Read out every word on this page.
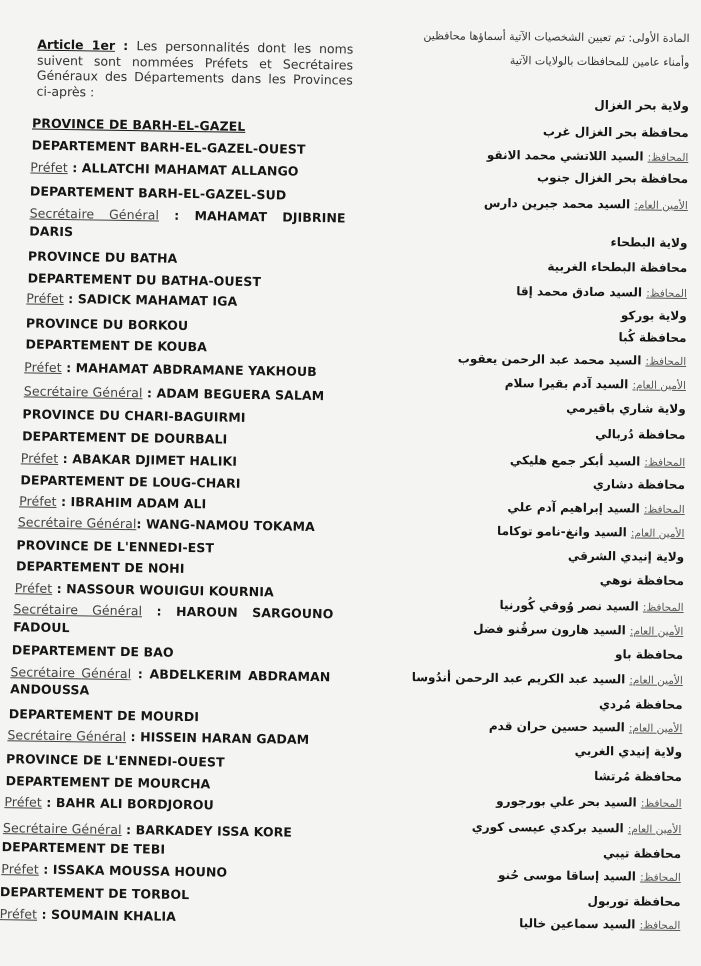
Article 1er : Les personnalités dont les noms suivent sont nommées Préfets et Secrétaires Généraux des Départements dans les Provinces ci-après :
PROVINCE DE BARH-EL-GAZEL
DEPARTEMENT BARH-EL-GAZEL-OUEST
Préfet : ALLATCHI MAHAMAT ALLANGO
DEPARTEMENT BARH-EL-GAZEL-SUD
Secrétaire Général : MAHAMAT DJIBRINE
DARIS
PROVINCE DU BATHA
DEPARTEMENT DU BATHA-OUEST
Préfet : SADICK MAHAMAT IGA
PROVINCE DU BORKOU
DEPARTEMENT DE KOUBA
Préfet : MAHAMAT ABDRAMANE YAKHOUB
Secrétaire Général : ADAM BEGUERA SALAM
PROVINCE DU CHARI-BAGUIRMI
DEPARTEMENT DE DOURBALI
Préfet : ABAKAR DJIMET HALIKI
DEPARTEMENT DE LOUG-CHARI
Préfet : IBRAHIM ADAM ALI
Secrétaire Général: WANG-NAMOU TOKAMA
PROVINCE DE L'ENNEDI-EST
DEPARTEMENT DE NOHI
Préfet : NASSOUR WOUIGUI KOURNIA
Secrétaire Général : HAROUN SARGOUNO
FADOUL
DEPARTEMENT DE BAO
Secrétaire Général : ABDELKERIM ABDRAMAN
ANDOUSSA
DEPARTEMENT DE MOURDI
Secrétaire Général : HISSEIN HARAN GADAM
PROVINCE DE L'ENNEDI-OUEST
DEPARTEMENT DE MOURCHA
Préfet : BAHR ALI BORDJOROU
Secrétaire Général : BARKADEY ISSA KORE
DEPARTEMENT DE TEBI
Préfet : ISSAKA MOUSSA HOUNO
DEPARTEMENT DE TORBOL
Préfet : SOUMAIN KHALIA
المادة الأولى: تم تعيين الشخصيات الآتية أسماؤها محافظين
وأمناء عامين للمحافظات بالولايات الآتية
ولاية بحر الغزال
محافظة بحر الغزال غرب
المحافظ: السيد اللاتشي محمد الانقو
محافظة بحر الغزال جنوب
الأمين العام: السيد محمد جبرين دارس
ولاية البطحاء
محافظة البطحاء الغربية
المحافظ: السيد صادق محمد إقا
ولاية بوركو
محافظة كُبا
المحافظ: السيد محمد عبد الرحمن يعقوب
الأمين العام: السيد آدم بقيرا سلام
ولاية شاري باقيرمي
محافظة دُربالي
المحافظ: السيد أبكر جمع هليكي
محافظة دشاري
المحافظ: السيد إبراهيم آدم علي
الأمين العام: السيد وانغ-نامو توكاما
ولاية إنيدي الشرقي
محافظة نوهي
المحافظ: السيد نصر وُوقي كُورنيا
الأمين العام: السيد هارون سرقُنو فضل
محافظة باو
الأمين العام: السيد عبد الكريم عبد الرحمن أندُوسا
محافظة مُردي
الأمين العام: السيد حسين حران قدم
ولاية إنيدي الغربي
محافظة مُرتشا
المحافظ: السيد بحر علي بورجورو
الأمين العام: السيد بركدي عيسى كوري
محافظة تيبي
المحافظ: السيد إساقا موسى حُنو
محافظة توربول
المحافظ: السيد سماعين خاليا
